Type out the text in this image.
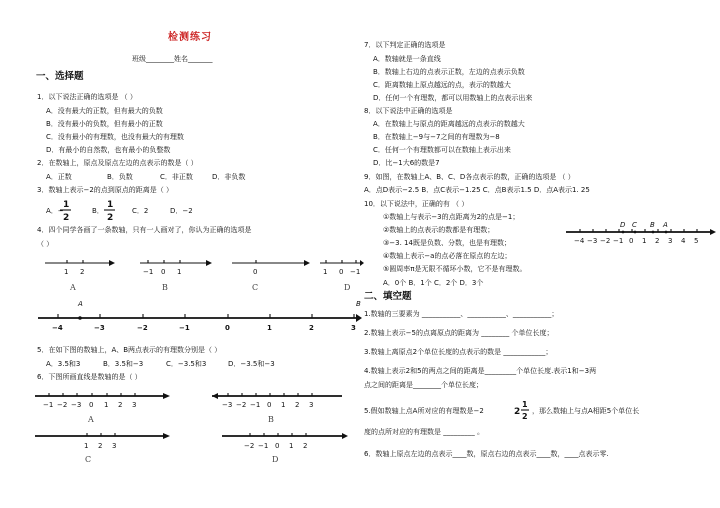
检测练习
班级________姓名_______
一、选择题
1．以下说法正确的选项是 （ ）
A．没有最大的正数，但有最大的负数
B．没有最小的负数，但有最小的正数
C．没有最小的有理数，也没有最大的有理数
D．有最小的自然数，也有最小的负整数
2．在数轴上，原点及原点左边的点表示的数是（ ）
A．正数	B．负数	C．非正数	D．非负数
3．数轴上表示−2的点到原点的距离是（ ）
A．−
1
2
B．
1
2
C．2	D．−2
4．四个同学各画了一条数轴，只有一人画对了，你认为正确的选项是
（ ）
1 2
A
−1 0 1
B
0
C
1 0 −1
D
A
−4	−3	−2	−1	0	1	2	3
B
5．在如下图的数轴上，A、B两点表示的有理数分别是（ ）
A．3.5和3	B．3.5和−3	C．−3.5和3	D．−3.5和−3
6．下图所画直线是数轴的是（ ）
−1 −2 −3 0 1 2 3
A
−3 −2 −1 0 1 2 3
B
1 2 3
C
−2 −1 0 1 2
D
7．以下判定正确的选项是
A．数轴就是一条直线
B．数轴上右边的点表示正数，左边的点表示负数
C．距离数轴上原点越远的点，表示的数越大
D．任何一个有理数，都可以用数轴上的点表示出来
8．以下说法中正确的选项是
A．在数轴上与原点的距离越远的点表示的数越大
B．在数轴上−9与−7之间的有理数为−8
C．任何一个有理数都可以在数轴上表示出来
D．比−1大6的数是7
9．如图，在数轴上A、B、C、D各点表示的数，正确的选项是 （ ）
A．点D表示−2.5 B．点C表示−1.25 C．点B表示1.5 D．点A表示1. 25
10．以下说法中，正确的有 （ ）
①数轴上与表示−3的点距离为2的点是−1；
②数轴上的点表示的数都是有理数；
③−3. 14既是负数、分数，也是有理数；
④数轴上表示−a的点必落在原点的左边；
⑤圆周率π是无限不循环小数，它不是有理数。
A．0个 B．1个 C．2个 D．3个
D C B A
−4 −3 −2 −1 0 1 2 3 4 5
二、填空题
1.数轴的三要素为 ___________、___________、___________；
2.数轴上表示−5的点离原点的距离为 ________ 个单位长度；
3.数轴上离原点2个单位长度的点表示的数是 ____________；
4.数轴上表示2和5的两点之间的距离是_________个单位长度.表示1和−3两
点之间的距离是________个单位长度；
5.假如数轴上点A所对应的有理数是−2	2
1
2
，那么数轴上与点A相距5个单位长
度的点所对应的有理数是 _________ 。
6．数轴上原点左边的点表示____数，原点右边的点表示____数，____点表示零.
